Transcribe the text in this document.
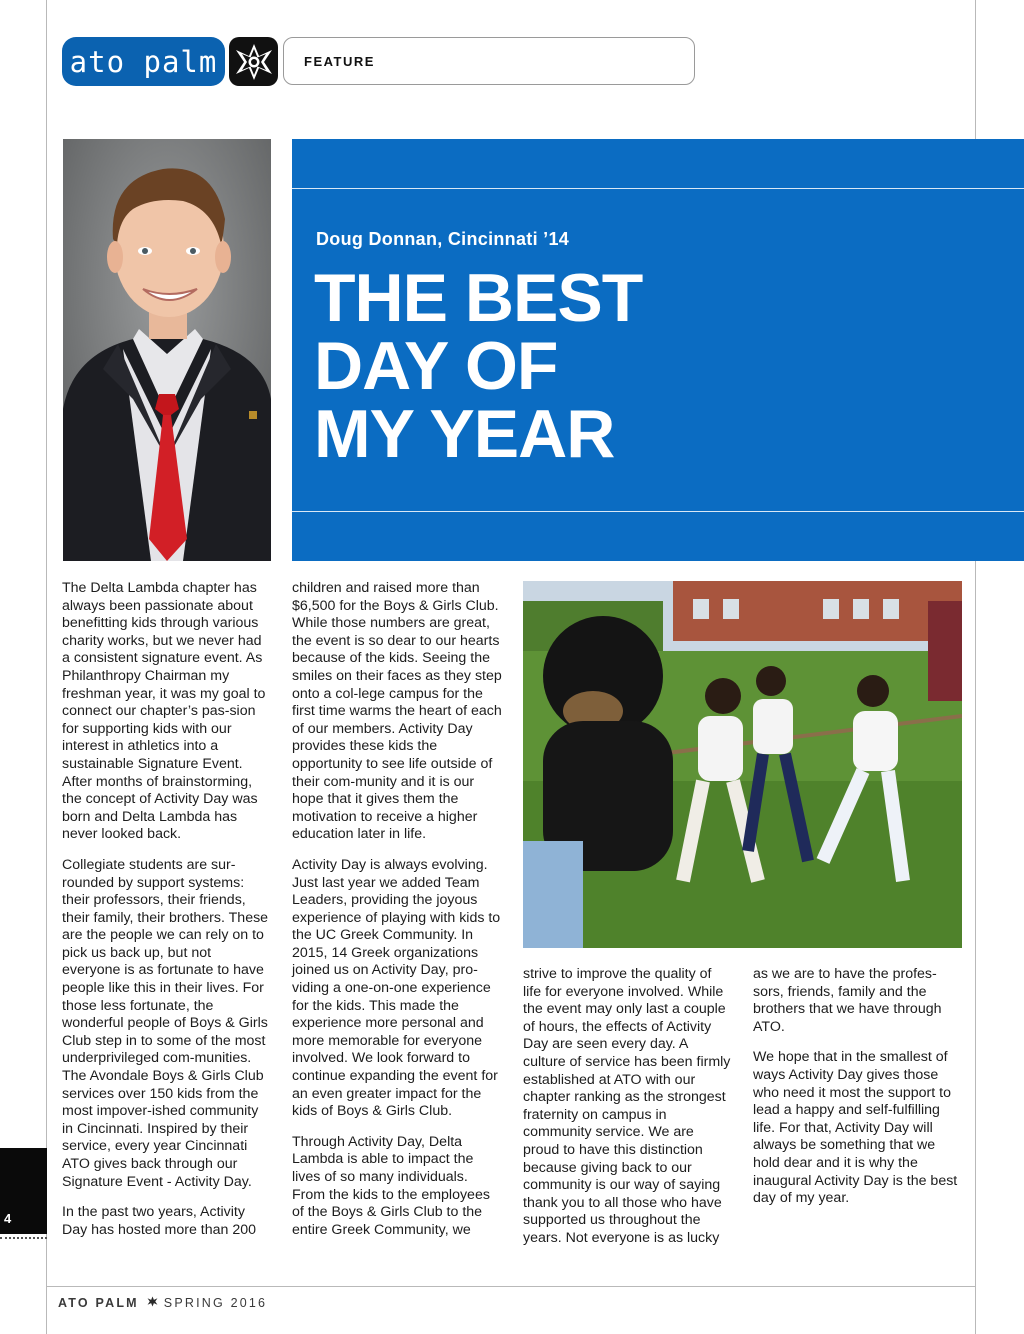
ato palm	FEATURE
Doug Donnan, Cincinnati ’14
THE BEST
DAY OF
MY YEAR

The Delta Lambda chapter has always been passionate about benefitting kids through various charity works, but we never had a consistent signature event. As Philanthropy Chairman my freshman year, it was my goal to connect our chapter’s pas-sion for supporting kids with our interest in athletics into a sustainable Signature Event. After months of brainstorming, the concept of Activity Day was born and Delta Lambda has never looked back.

Collegiate students are sur-rounded by support systems: their professors, their friends, their family, their brothers. These are the people we can rely on to pick us back up, but not everyone is as fortunate to have people like this in their lives. For those less fortunate, the wonderful people of Boys & Girls Club step in to some of the most underprivileged com-munities. The Avondale Boys & Girls Club services over 150 kids from the most impover-ished community in Cincinnati. Inspired by their service, every year Cincinnati ATO gives back through our Signature Event - Activity Day.

In the past two years, Activity Day has hosted more than 200

children and raised more than $6,500 for the Boys & Girls Club. While those numbers are great, the event is so dear to our hearts because of the kids. Seeing the smiles on their faces as they step onto a col-lege campus for the first time warms the heart of each of our members. Activity Day provides these kids the opportunity to see life outside of their com-munity and it is our hope that it gives them the motivation to receive a higher education later in life.

Activity Day is always evolving. Just last year we added Team Leaders, providing the joyous experience of playing with kids to the UC Greek Community. In 2015, 14 Greek organizations joined us on Activity Day, pro-viding a one-on-one experience for the kids. This made the experience more personal and more memorable for everyone involved. We look forward to continue expanding the event for an even greater impact for the kids of Boys & Girls Club.

Through Activity Day, Delta Lambda is able to impact the lives of so many individuals. From the kids to the employees of the Boys & Girls Club to the entire Greek Community, we

strive to improve the quality of life for everyone involved. While the event may only last a couple of hours, the effects of Activity Day are seen every day. A culture of service has been firmly established at ATO with our chapter ranking as the strongest fraternity on campus in community service. We are proud to have this distinction because giving back to our community is our way of saying thank you to all those who have supported us throughout the years. Not everyone is as lucky

as we are to have the profes-sors, friends, family and the brothers that we have through ATO.

We hope that in the smallest of ways Activity Day gives those who need it most the support to lead a happy and self-fulfilling life. For that, Activity Day will always be something that we hold dear and it is why the inaugural Activity Day is the best day of my year.

4
ATO PALM SPRING 2016
